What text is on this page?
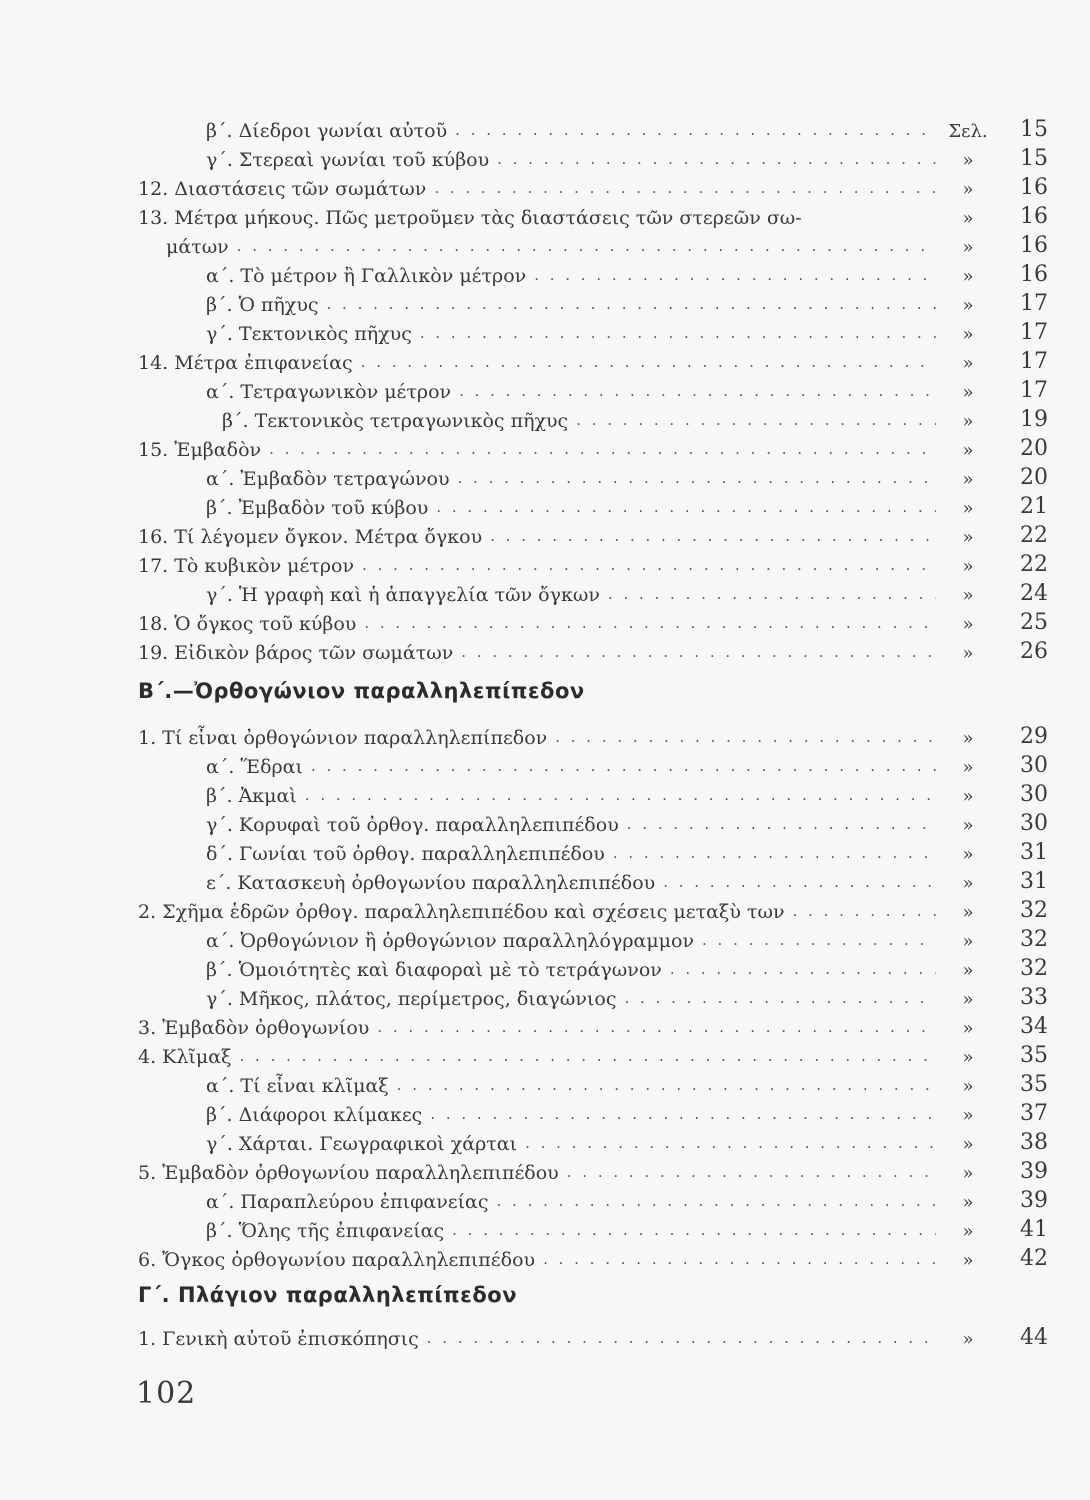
β΄. Δίεδροι γωνίαι αὐτοῦ . . .	Σελ.	15
γ΄. Στερεαὶ γωνίαι τοῦ κύβου . . .	»	15
12. Διαστάσεις τῶν σωμάτων . . .	»	16
13. Μέτρα μήκους. Πῶς μετροῦμεν τὰς διαστάσεις τῶν στερεῶν σω-	»	16
μάτων . . .	»	16
α΄. Τὸ μέτρον ἢ Γαλλικὸν μέτρον . . .	»	16
β΄. Ὁ πῆχυς . . .	»	17
γ΄. Τεκτονικὸς πῆχυς . . .	»	17
14. Μέτρα ἐπιφανείας . . .	»	17
α΄. Τετραγωνικὸν μέτρον . . .	»	17
β΄. Τεκτονικὸς τετραγωνικὸς πῆχυς . . .	»	19
15. Ἐμβαδὸν . . .	»	20
α΄. Ἐμβαδὸν τετραγώνου . . .	»	20
β΄. Ἐμβαδὸν τοῦ κύβου . . .	»	21
16. Τί λέγομεν ὄγκον. Μέτρα ὄγκου . . .	»	22
17. Τὸ κυβικὸν μέτρον . . .	»	22
γ΄. Ἡ γραφὴ καὶ ἡ ἀπαγγελία τῶν ὄγκων . . .	»	24
18. Ὁ ὄγκος τοῦ κύβου . . .	»	25
19. Εἰδικὸν βάρος τῶν σωμάτων . . .	»	26
Β΄.—Ὀρθογώνιον παραλληλεπίπεδον
1. Τί εἶναι ὀρθογώνιον παραλληλεπίπεδον . . .	»	29
α΄. Ἕδραι . . .	»	30
β΄. Ἀκμαὶ . . .	»	30
γ΄. Κορυφαὶ τοῦ ὀρθογ. παραλληλεπιπέδου . . .	»	30
δ΄. Γωνίαι τοῦ ὀρθογ. παραλληλεπιπέδου . . .	»	31
ε΄. Κατασκευὴ ὀρθογωνίου παραλληλεπιπέδου . . .	»	31
2. Σχῆμα ἑδρῶν ὀρθογ. παραλληλεπιπέδου καὶ σχέσεις μεταξὺ των . . .	»	32
α΄. Ὀρθογώνιον ἢ ὀρθογώνιον παραλληλόγραμμον . . .	»	32
β΄. Ὁμοιότητὲς καὶ διαφοραὶ μὲ τὸ τετράγωνον . . .	»	32
γ΄. Μῆκος, πλάτος, περίμετρος, διαγώνιος . . .	»	33
3. Ἐμβαδὸν ὀρθογωνίου . . .	»	34
4. Κλῖμαξ . . .	»	35
α΄. Τί εἶναι κλῖμαξ . . .	»	35
β΄. Διάφοροι κλίμακες . . .	»	37
γ΄. Χάρται. Γεωγραφικοὶ χάρται . . .	»	38
5. Ἐμβαδὸν ὀρθογωνίου παραλληλεπιπέδου . . .	»	39
α΄. Παραπλεύρου ἐπιφανείας . . .	»	39
β΄. Ὅλης τῆς ἐπιφανείας . . .	»	41
6. Ὄγκος ὀρθογωνίου παραλληλεπιπέδου . . .	»	42
Γ΄. Πλάγιον παραλληλεπίπεδον
1. Γενικὴ αὐτοῦ ἐπισκόπησις . . .	»	44
102
